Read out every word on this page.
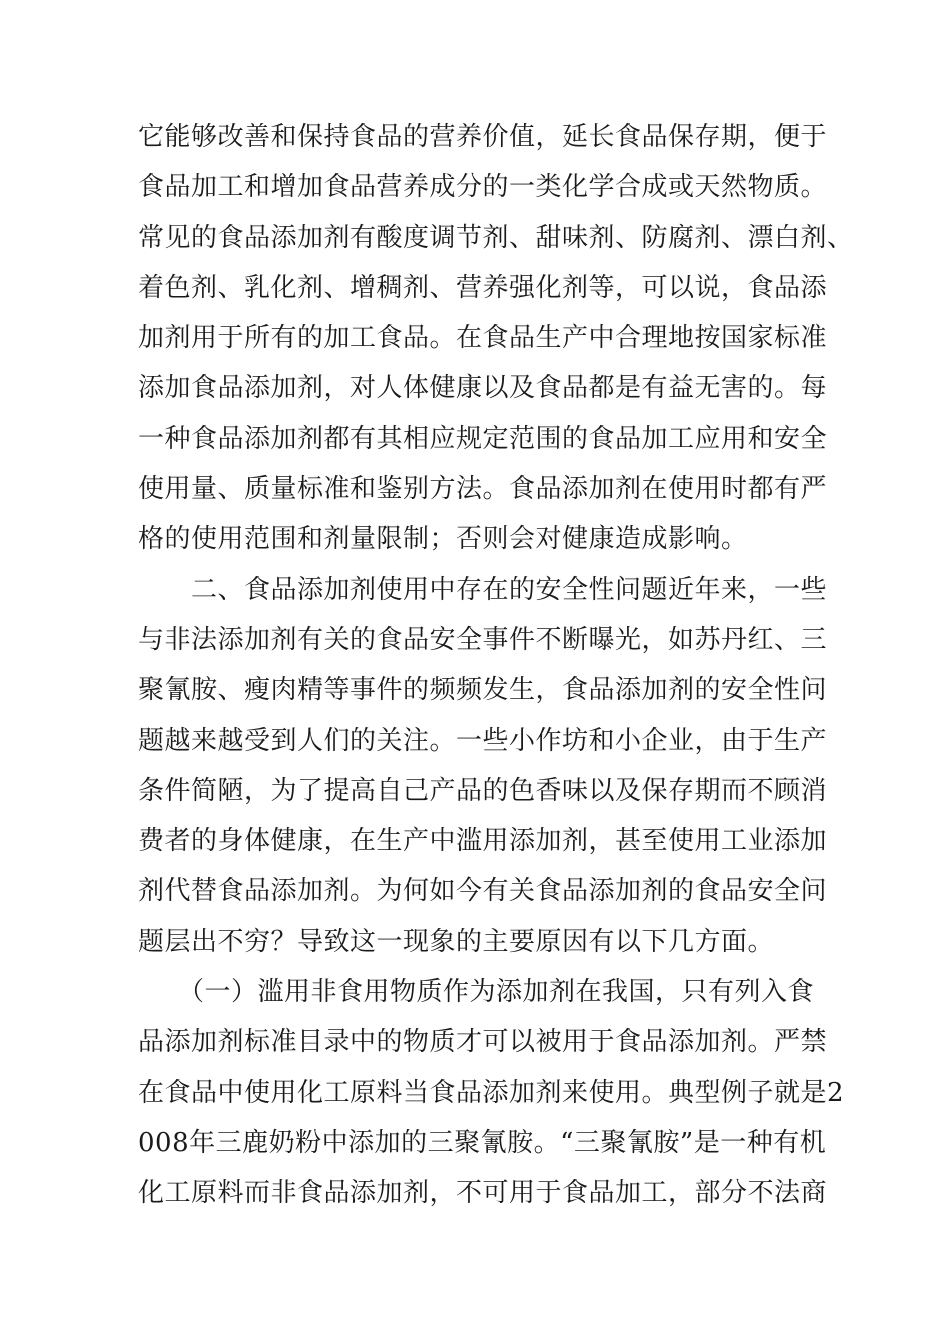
它能够改善和保持食品的营养价值，延长食品保存期，便于
食品加工和增加食品营养成分的一类化学合成或天然物质。
常见的食品添加剂有酸度调节剂、甜味剂、防腐剂、漂白剂、
着色剂、乳化剂、增稠剂、营养强化剂等，可以说，食品添
加剂用于所有的加工食品。在食品生产中合理地按国家标准
添加食品添加剂，对人体健康以及食品都是有益无害的。每
一种食品添加剂都有其相应规定范围的食品加工应用和安全
使用量、质量标准和鉴别方法。食品添加剂在使用时都有严
格的使用范围和剂量限制；否则会对健康造成影响。
　　二、食品添加剂使用中存在的安全性问题近年来，一些
与非法添加剂有关的食品安全事件不断曝光，如苏丹红、三
聚氰胺、瘦肉精等事件的频频发生，食品添加剂的安全性问
题越来越受到人们的关注。一些小作坊和小企业，由于生产
条件简陋，为了提高自己产品的色香味以及保存期而不顾消
费者的身体健康，在生产中滥用添加剂，甚至使用工业添加
剂代替食品添加剂。为何如今有关食品添加剂的食品安全问
题层出不穷？导致这一现象的主要原因有以下几方面。
　　（一）滥用非食用物质作为添加剂在我国，只有列入食
品添加剂标准目录中的物质才可以被用于食品添加剂。严禁
在食品中使用化工原料当食品添加剂来使用。典型例子就是2
008年三鹿奶粉中添加的三聚氰胺。“三聚氰胺”是一种有机
化工原料而非食品添加剂，不可用于食品加工，部分不法商
